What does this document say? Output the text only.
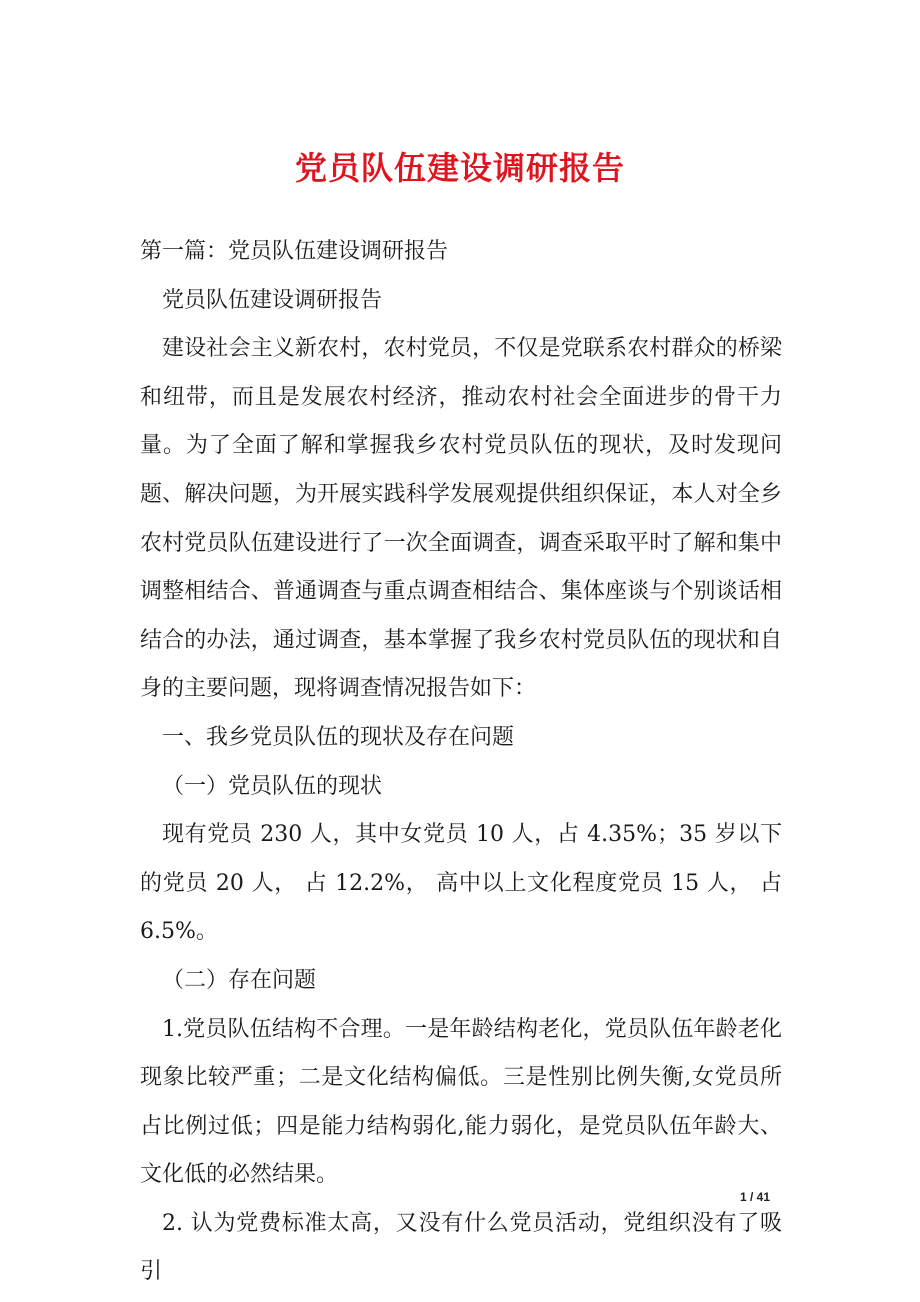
党员队伍建设调研报告

第一篇：党员队伍建设调研报告

党员队伍建设调研报告

建设社会主义新农村，农村党员，不仅是党联系农村群众的桥梁和纽带，而且是发展农村经济，推动农村社会全面进步的骨干力量。为了全面了解和掌握我乡农村党员队伍的现状，及时发现问题、解决问题，为开展实践科学发展观提供组织保证，本人对全乡农村党员队伍建设进行了一次全面调查，调查采取平时了解和集中调整相结合、普通调查与重点调查相结合、集体座谈与个别谈话相结合的办法，通过调查，基本掌握了我乡农村党员队伍的现状和自身的主要问题，现将调查情况报告如下：

一、我乡党员队伍的现状及存在问题

（一）党员队伍的现状

现有党员 230 人，其中女党员 10 人，占 4.35%；35 岁以下的党员 20 人， 占 12.2%， 高中以上文化程度党员 15 人， 占 6.5%。

（二）存在问题

1.党员队伍结构不合理。一是年龄结构老化，党员队伍年龄老化现象比较严重；二是文化结构偏低。三是性别比例失衡,女党员所占比例过低；四是能力结构弱化,能力弱化，是党员队伍年龄大、文化低的必然结果。

2. 认为党费标准太高，又没有什么党员活动，党组织没有了吸引

1 / 41
